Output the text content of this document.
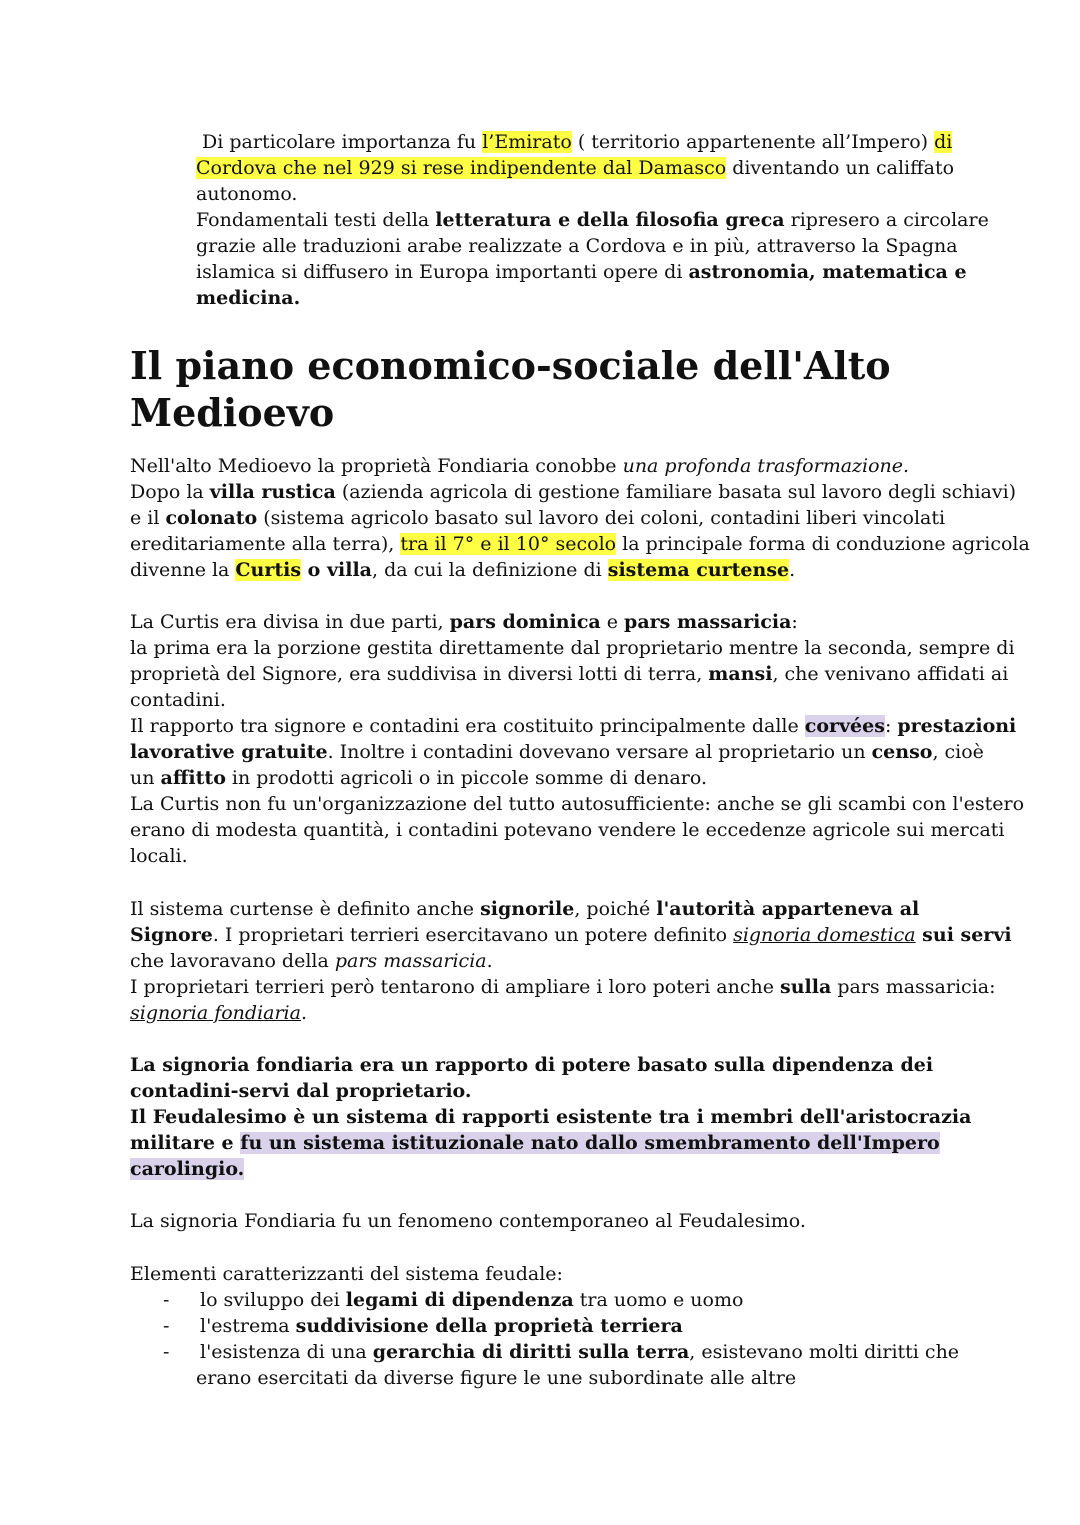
Di particolare importanza fu l’Emirato ( territorio appartenente all’Impero) di
Cordova che nel 929 si rese indipendente dal Damasco diventando un califfato
autonomo.
Fondamentali testi della letteratura e della filosofia greca ripresero a circolare
grazie alle traduzioni arabe realizzate a Cordova e in più, attraverso la Spagna
islamica si diffusero in Europa importanti opere di astronomia, matematica e
medicina.
Il piano economico-sociale dell'Alto
Medioevo
Nell'alto Medioevo la proprietà Fondiaria conobbe una profonda trasformazione.
Dopo la villa rustica (azienda agricola di gestione familiare basata sul lavoro degli schiavi)
e il colonato (sistema agricolo basato sul lavoro dei coloni, contadini liberi vincolati
ereditariamente alla terra), tra il 7° e il 10° secolo la principale forma di conduzione agricola
divenne la Curtis o villa, da cui la definizione di sistema curtense.
La Curtis era divisa in due parti, pars dominica e pars massaricia:
la prima era la porzione gestita direttamente dal proprietario mentre la seconda, sempre di
proprietà del Signore, era suddivisa in diversi lotti di terra, mansi, che venivano affidati ai
contadini.
Il rapporto tra signore e contadini era costituito principalmente dalle corvées: prestazioni
lavorative gratuite. Inoltre i contadini dovevano versare al proprietario un censo, cioè
un affitto in prodotti agricoli o in piccole somme di denaro.
La Curtis non fu un'organizzazione del tutto autosufficiente: anche se gli scambi con l'estero
erano di modesta quantità, i contadini potevano vendere le eccedenze agricole sui mercati
locali.
Il sistema curtense è definito anche signorile, poiché l'autorità apparteneva al
Signore. I proprietari terrieri esercitavano un potere definito signoria domestica sui servi
che lavoravano della pars massaricia.
I proprietari terrieri però tentarono di ampliare i loro poteri anche sulla pars massaricia:
signoria fondiaria.
La signoria fondiaria era un rapporto di potere basato sulla dipendenza dei
contadini-servi dal proprietario.
Il Feudalesimo è un sistema di rapporti esistente tra i membri dell'aristocrazia
militare e fu un sistema istituzionale nato dallo smembramento dell'Impero
carolingio.
La signoria Fondiaria fu un fenomeno contemporaneo al Feudalesimo.
Elementi caratterizzanti del sistema feudale:
- lo sviluppo dei legami di dipendenza tra uomo e uomo
- l'estrema suddivisione della proprietà terriera
- l'esistenza di una gerarchia di diritti sulla terra, esistevano molti diritti che
erano esercitati da diverse figure le une subordinate alle altre
